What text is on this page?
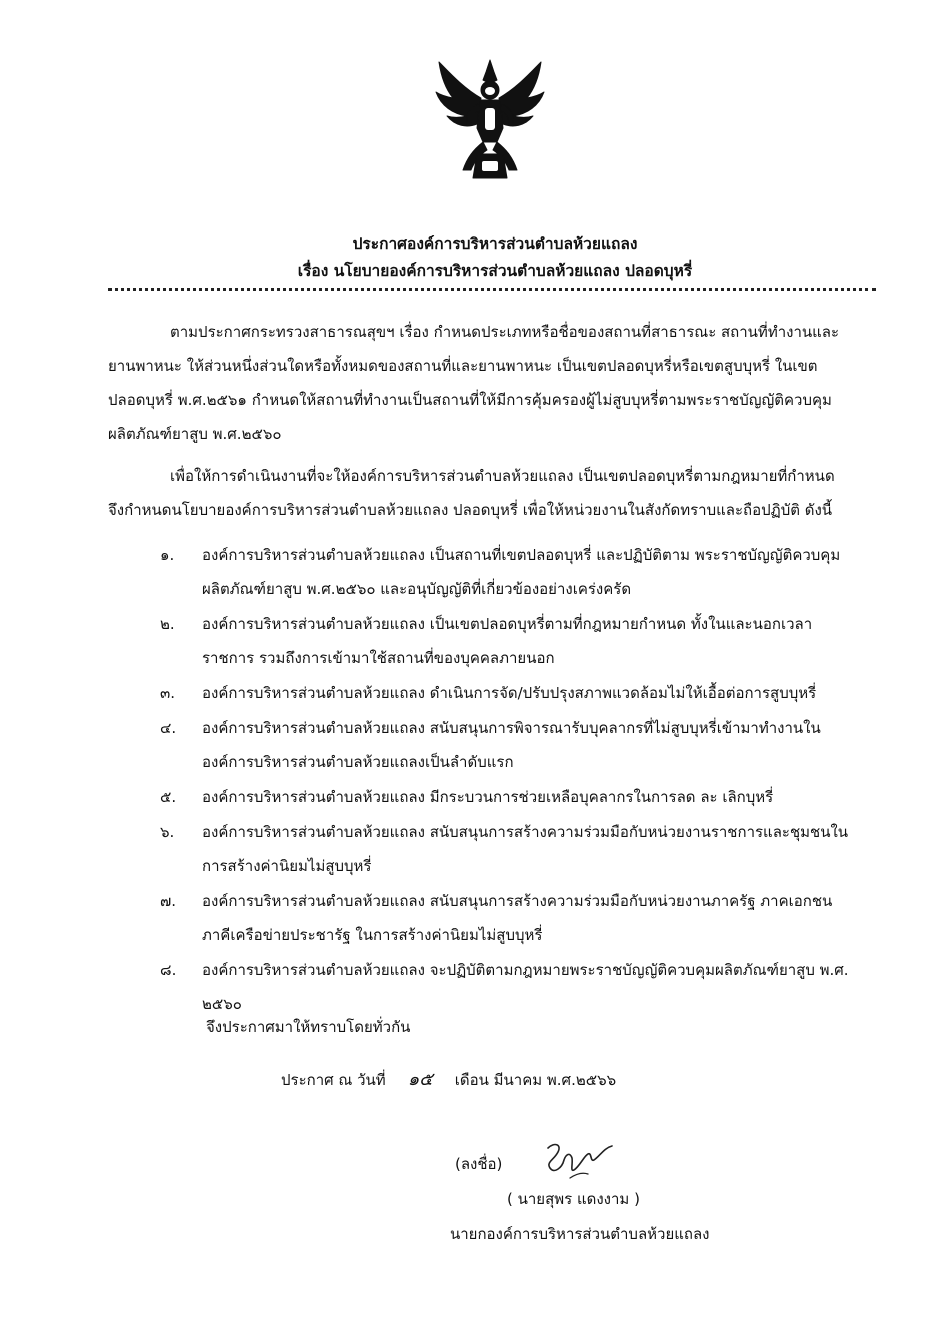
ประกาศองค์การบริหารส่วนตำบลห้วยแถลง
เรื่อง นโยบายองค์การบริหารส่วนตำบลห้วยแถลง ปลอดบุหรี่
ตามประกาศกระทรวงสาธารณสุขฯ เรื่อง กำหนดประเภทหรือชื่อของสถานที่สาธารณะ สถานที่ทำงานและ
ยานพาหนะ ให้ส่วนหนึ่งส่วนใดหรือทั้งหมดของสถานที่และยานพาหนะ เป็นเขตปลอดบุหรี่หรือเขตสูบบุหรี่ ในเขต
ปลอดบุหรี่ พ.ศ.๒๕๖๑ กำหนดให้สถานที่ทำงานเป็นสถานที่ให้มีการคุ้มครองผู้ไม่สูบบุหรี่ตามพระราชบัญญัติควบคุม
ผลิตภัณฑ์ยาสูบ พ.ศ.๒๕๖๐
เพื่อให้การดำเนินงานที่จะให้องค์การบริหารส่วนตำบลห้วยแถลง เป็นเขตปลอดบุหรี่ตามกฎหมายที่กำหนด
จึงกำหนดนโยบายองค์การบริหารส่วนตำบลห้วยแถลง ปลอดบุหรี่ เพื่อให้หน่วยงานในสังกัดทราบและถือปฏิบัติ ดังนี้
๑. องค์การบริหารส่วนตำบลห้วยแถลง เป็นสถานที่เขตปลอดบุหรี่ และปฏิบัติตาม พระราชบัญญัติควบคุม
ผลิตภัณฑ์ยาสูบ พ.ศ.๒๕๖๐ และอนุบัญญัติที่เกี่ยวข้องอย่างเคร่งครัด
๒. องค์การบริหารส่วนตำบลห้วยแถลง เป็นเขตปลอดบุหรี่ตามที่กฎหมายกำหนด ทั้งในและนอกเวลา
ราชการ รวมถึงการเข้ามาใช้สถานที่ของบุคคลภายนอก
๓. องค์การบริหารส่วนตำบลห้วยแถลง ดำเนินการจัด/ปรับปรุงสภาพแวดล้อมไม่ให้เอื้อต่อการสูบบุหรี่
๔. องค์การบริหารส่วนตำบลห้วยแถลง สนับสนุนการพิจารณารับบุคลากรที่ไม่สูบบุหรี่เข้ามาทำงานใน
องค์การบริหารส่วนตำบลห้วยแถลงเป็นลำดับแรก
๕. องค์การบริหารส่วนตำบลห้วยแถลง มีกระบวนการช่วยเหลือบุคลากรในการลด ละ เลิกบุหรี่
๖. องค์การบริหารส่วนตำบลห้วยแถลง สนับสนุนการสร้างความร่วมมือกับหน่วยงานราชการและชุมชนใน
การสร้างค่านิยมไม่สูบบุหรี่
๗. องค์การบริหารส่วนตำบลห้วยแถลง สนับสนุนการสร้างความร่วมมือกับหน่วยงานภาครัฐ ภาคเอกชน
ภาคีเครือข่ายประชารัฐ ในการสร้างค่านิยมไม่สูบบุหรี่
๘. องค์การบริหารส่วนตำบลห้วยแถลง จะปฏิบัติตามกฎหมายพระราชบัญญัติควบคุมผลิตภัณฑ์ยาสูบ พ.ศ.
๒๕๖๐
จึงประกาศมาให้ทราบโดยทั่วกัน
ประกาศ ณ วันที่ ๑๕ เดือน มีนาคม พ.ศ.๒๕๖๖
(ลงชื่อ)
( นายสุพร แดงงาม )
นายกองค์การบริหารส่วนตำบลห้วยแถลง
